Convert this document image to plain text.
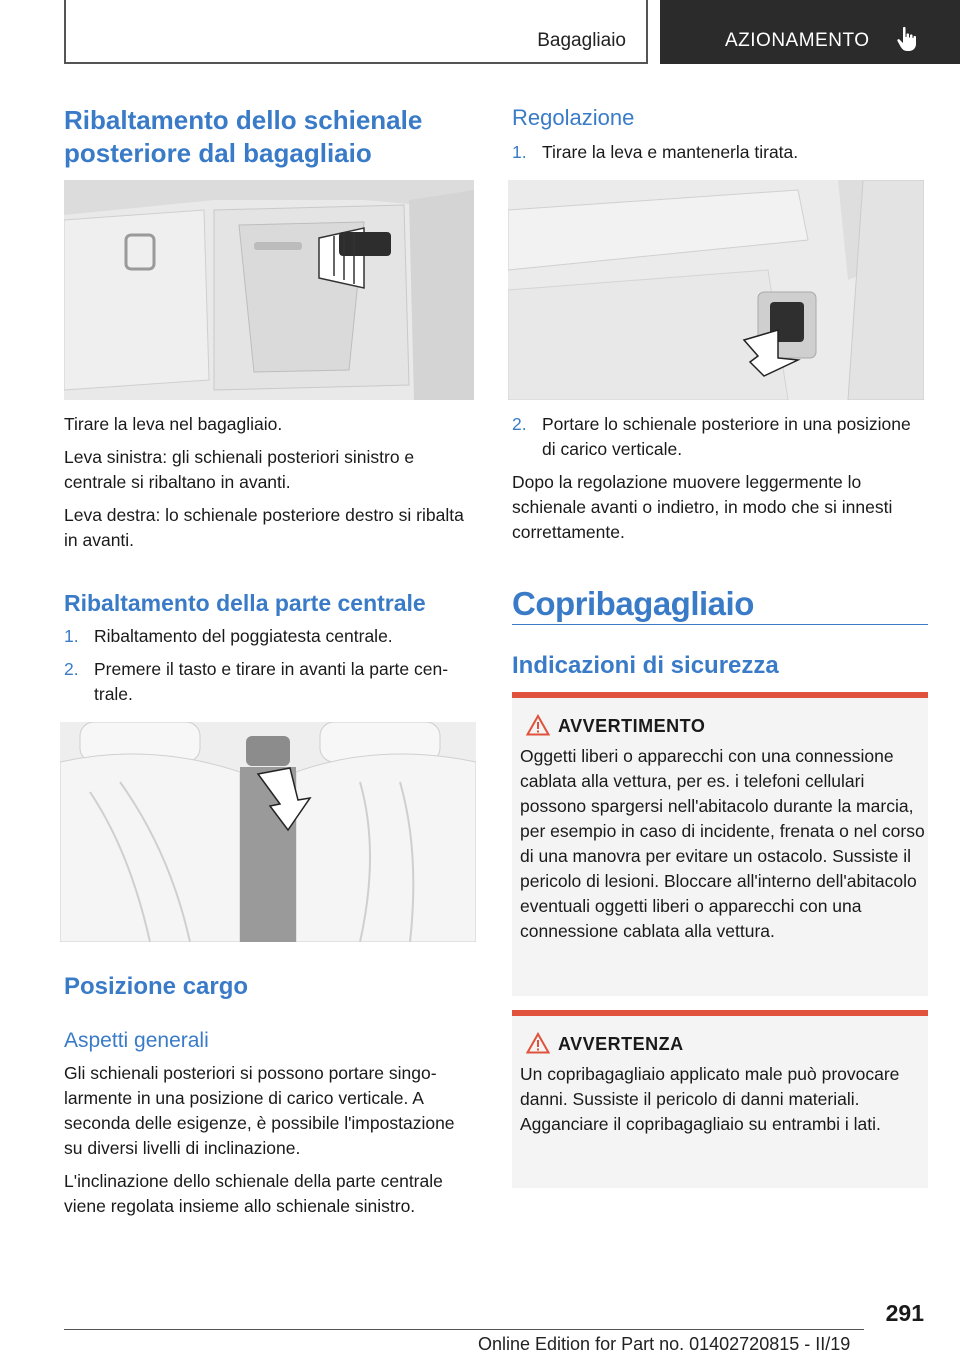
Bagagliaio	AZIONAMENTO
Ribaltamento dello schienale posteriore dal bagagliaio

Tirare la leva nel bagagliaio.

Leva sinistra: gli schienali posteriori sinistro e centrale si ribaltano in avanti.

Leva destra: lo schienale posteriore destro si ribalta in avanti.

Ribaltamento della parte centrale
1. Ribaltamento del poggiatesta centrale.
2. Premere il tasto e tirare in avanti la parte centrale.
Posizione cargo
Aspetti generali

Gli schienali posteriori si possono portare singolarmente in una posizione di carico verticale. A seconda delle esigenze, è possibile l'impostazione su diversi livelli di inclinazione.

L'inclinazione dello schienale della parte centrale viene regolata insieme allo schienale sinistro.

Regolazione
1. Tirare la leva e mantenerla tirata.
2. Portare lo schienale posteriore in una posizione di carico verticale.

Dopo la regolazione muovere leggermente lo schienale avanti o indietro, in modo che si innesti correttamente.

Copribagagliaio
Indicazioni di sicurezza
AVVERTIMENTO
Oggetti liberi o apparecchi con una connessione cablata alla vettura, per es. i telefoni cellulari possono spargersi nell'abitacolo durante la marcia, per esempio in caso di incidente, frenata o nel corso di una manovra per evitare un ostacolo. Sussiste il pericolo di lesioni. Bloccare all'interno dell'abitacolo eventuali oggetti liberi o apparecchi con una connessione cablata alla vettura.
AVVERTENZA
Un copribagagliaio applicato male può provocare danni. Sussiste il pericolo di danni materiali. Agganciare il copribagagliaio su entrambi i lati.
291
Online Edition for Part no. 01402720815 - II/19
